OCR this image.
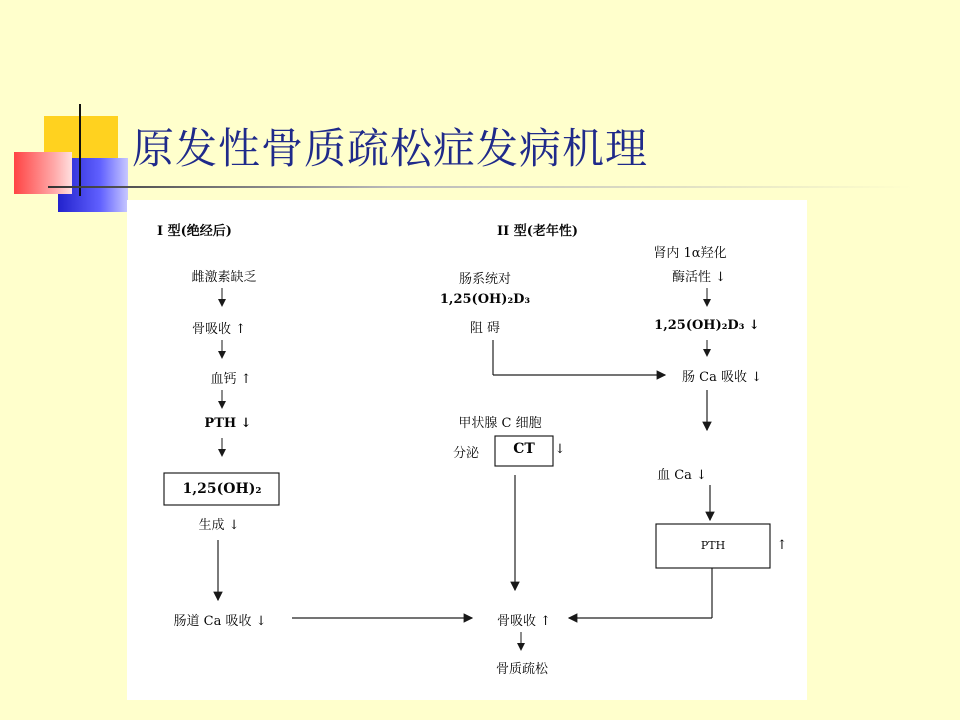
原发性骨质疏松症发病机理
I 型(绝经后)
雌激素缺乏
骨吸收 ↑
血钙 ↑
PTH ↓
1,25(OH)₂
生成 ↓
肠道 Ca 吸收 ↓
II 型(老年性)
肠系统对
1,25(OH)₂D₃
阻 碍
肾内 1α羟化
酶活性 ↓
1,25(OH)₂D₃ ↓
肠 Ca 吸收 ↓
甲状腺 C 细胞
分泌 CT ↓
血 Ca ↓
PTH	↑
骨吸收 ↑
骨质疏松
